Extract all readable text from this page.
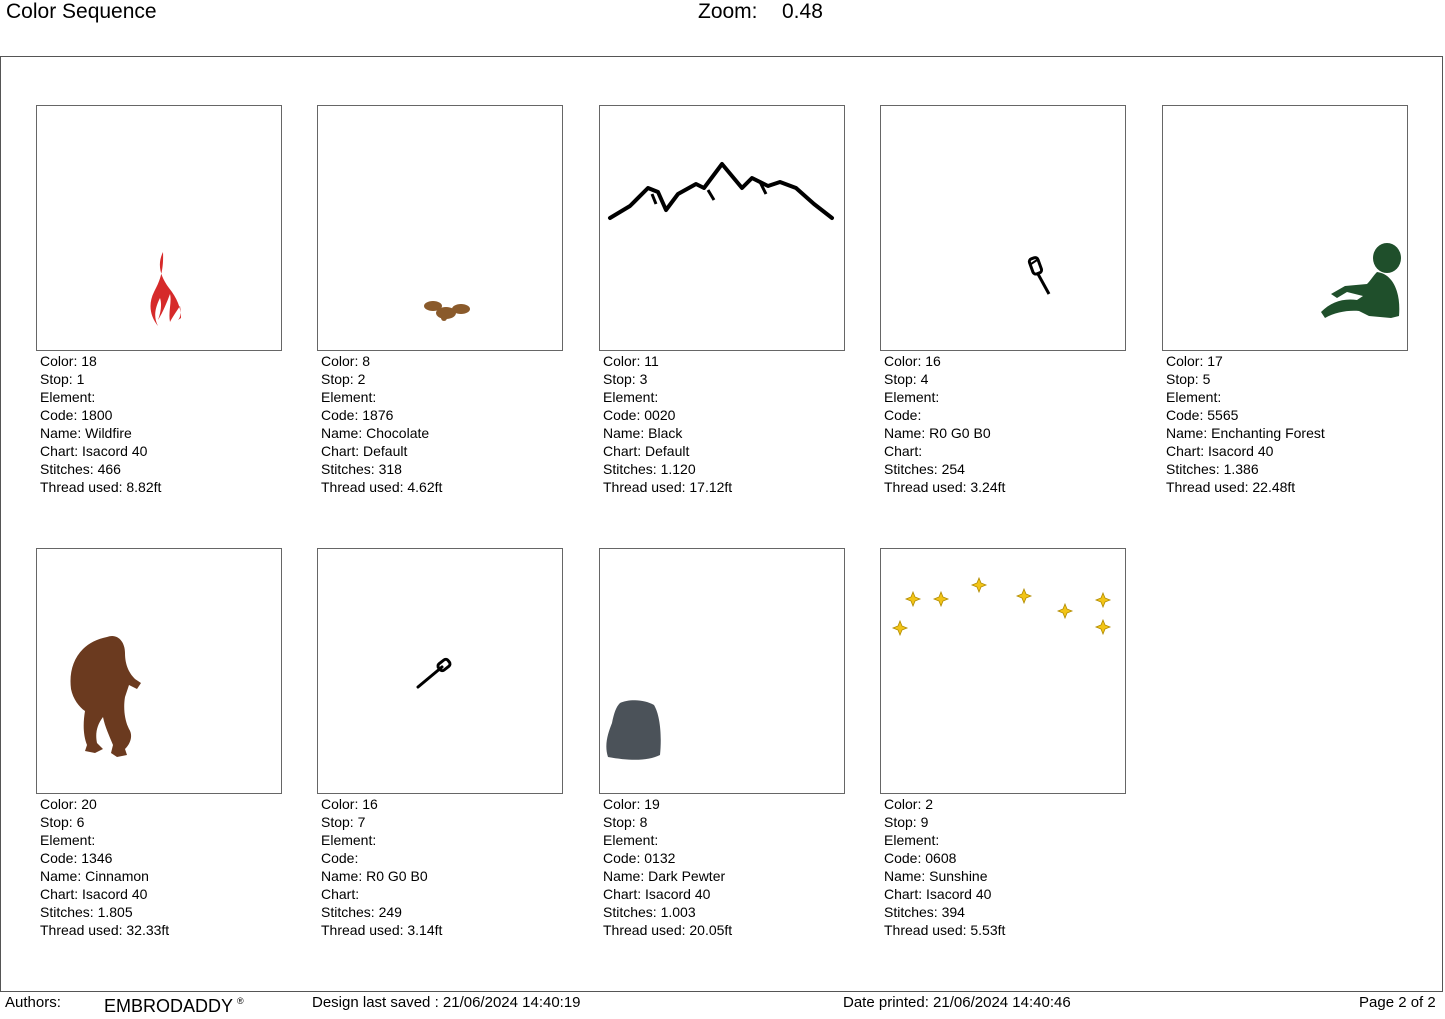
Color Sequence	Zoom: 0.48
Color: 18
Stop: 1
Element:
Code: 1800
Name: Wildfire
Chart: Isacord 40
Stitches: 466
Thread used: 8.82ft
Color: 8
Stop: 2
Element:
Code: 1876
Name: Chocolate
Chart: Default
Stitches: 318
Thread used: 4.62ft
Color: 11
Stop: 3
Element:
Code: 0020
Name: Black
Chart: Default
Stitches: 1.120
Thread used: 17.12ft
Color: 16
Stop: 4
Element:
Code:
Name: R0 G0 B0
Chart:
Stitches: 254
Thread used: 3.24ft
Color: 17
Stop: 5
Element:
Code: 5565
Name: Enchanting Forest
Chart: Isacord 40
Stitches: 1.386
Thread used: 22.48ft
Color: 20
Stop: 6
Element:
Code: 1346
Name: Cinnamon
Chart: Isacord 40
Stitches: 1.805
Thread used: 32.33ft
Color: 16
Stop: 7
Element:
Code:
Name: R0 G0 B0
Chart:
Stitches: 249
Thread used: 3.14ft
Color: 19
Stop: 8
Element:
Code: 0132
Name: Dark Pewter
Chart: Isacord 40
Stitches: 1.003
Thread used: 20.05ft
Color: 2
Stop: 9
Element:
Code: 0608
Name: Sunshine
Chart: Isacord 40
Stitches: 394
Thread used: 5.53ft
Authors: EMBRODADDY ®	Design last saved : 21/06/2024 14:40:19	Date printed: 21/06/2024 14:40:46	Page 2 of 2
